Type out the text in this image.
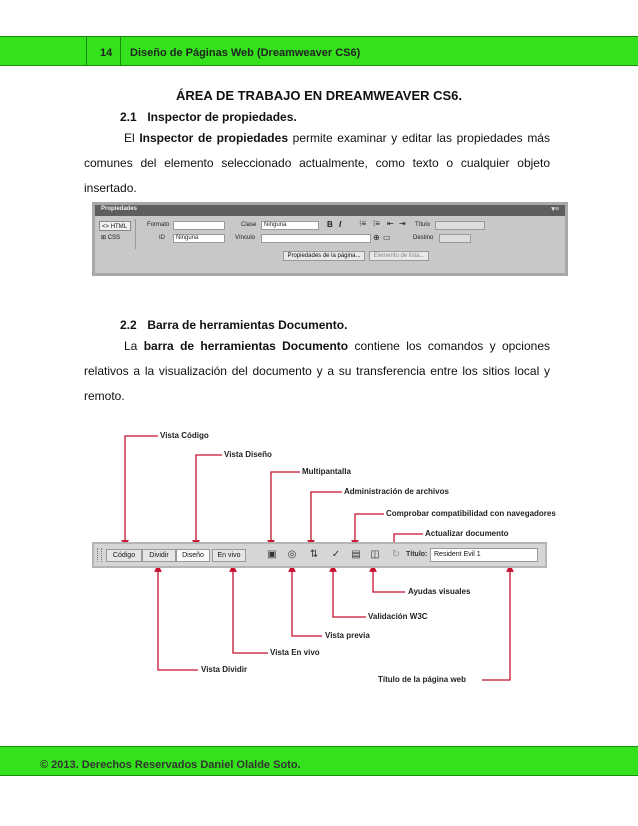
14 Diseño de Páginas Web (Dreamweaver CS6)
ÁREA DE TRABAJO EN DREAMWEAVER CS6.
2.1 Inspector de propiedades.
El Inspector de propiedades permite examinar y editar las propiedades más comunes del elemento seleccionado actualmente, como texto o cualquier objeto insertado.
Propiedades	▾≡
<> HTML
⊞ CSS
Formato	Clase	Ninguna	B I ⁝≡ ⁞≡ ⇤ ⇥ Título
ID	Ninguna	Vínculo	⊕ ▭	Destino
Propiedades de la página...	Elemento de lista...
2.2 Barra de herramientas Documento.
La barra de herramientas Documento contiene los comandos y opciones relativos a la visualización del documento y a su transferencia entre los sitios local y remoto.
Vista Código
Vista Diseño
Multipantalla
Administración de archivos
Comprobar compatibilidad con navegadores
Actualizar documento
Ayudas visuales
Validación W3C
Vista previa
Vista En vivo
Vista Dividir
Título de la página web
Código	Dividir	Diseño	En vivo	▣	◎	⇅	✓	▤ ◫	↻ Título: Resident Evil 1
© 2013. Derechos Reservados Daniel Olalde Soto.
